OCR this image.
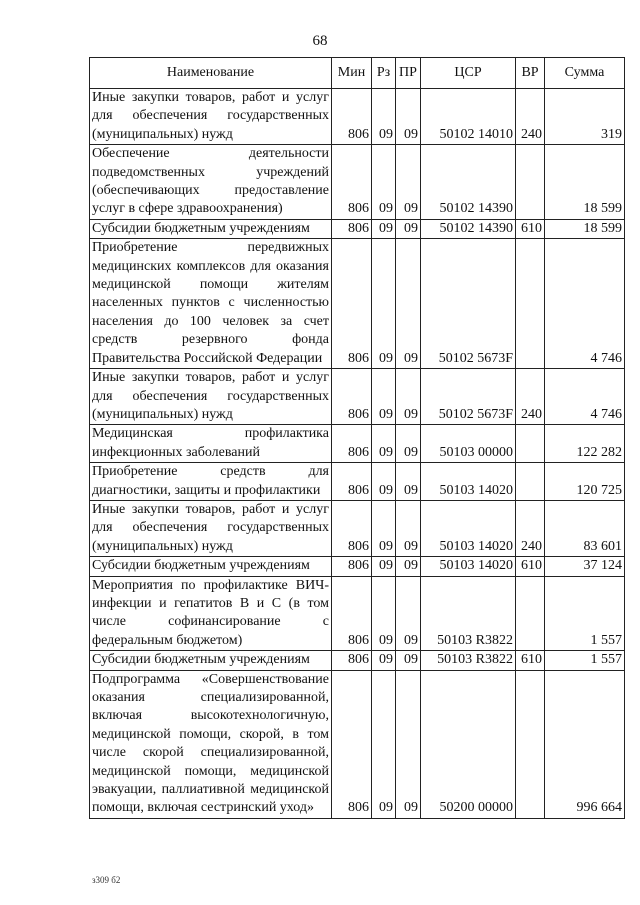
68
Наименование	Мин	Рз	ПР	ЦСР	ВР	Сумма
Иные закупки товаров, работ и услуг для обеспечения государственных (муниципальных) нужд	806	09	09	50102 14010	240	319
Обеспечение деятельности подведомственных учреждений (обеспечивающих предоставление услуг в сфере здравоохранения)	806	09	09	50102 14390		18 599
Субсидии бюджетным учреждениям	806	09	09	50102 14390	610	18 599
Приобретение передвижных медицинских комплексов для оказания медицинской помощи жителям населенных пунктов с численностью населения до 100 человек за счет средств резервного фонда Правительства Российской Федерации	806	09	09	50102 5673F		4 746
Иные закупки товаров, работ и услуг для обеспечения государственных (муниципальных) нужд	806	09	09	50102 5673F	240	4 746
Медицинская профилактика инфекционных заболеваний	806	09	09	50103 00000		122 282
Приобретение средств для диагностики, защиты и профилактики	806	09	09	50103 14020		120 725
Иные закупки товаров, работ и услуг для обеспечения государственных (муниципальных) нужд	806	09	09	50103 14020	240	83 601
Субсидии бюджетным учреждениям	806	09	09	50103 14020	610	37 124
Мероприятия по профилактике ВИЧ-инфекции и гепатитов В и С (в том числе софинансирование с федеральным бюджетом)	806	09	09	50103 R3822		1 557
Субсидии бюджетным учреждениям	806	09	09	50103 R3822	610	1 557
Подпрограмма «Совершенствование оказания специализированной, включая высокотехнологичную, медицинской помощи, скорой, в том числе скорой специализированной, медицинской помощи, медицинской эвакуации, паллиативной медицинской помощи, включая сестринский уход»	806	09	09	50200 00000		996 664
з309 б2
